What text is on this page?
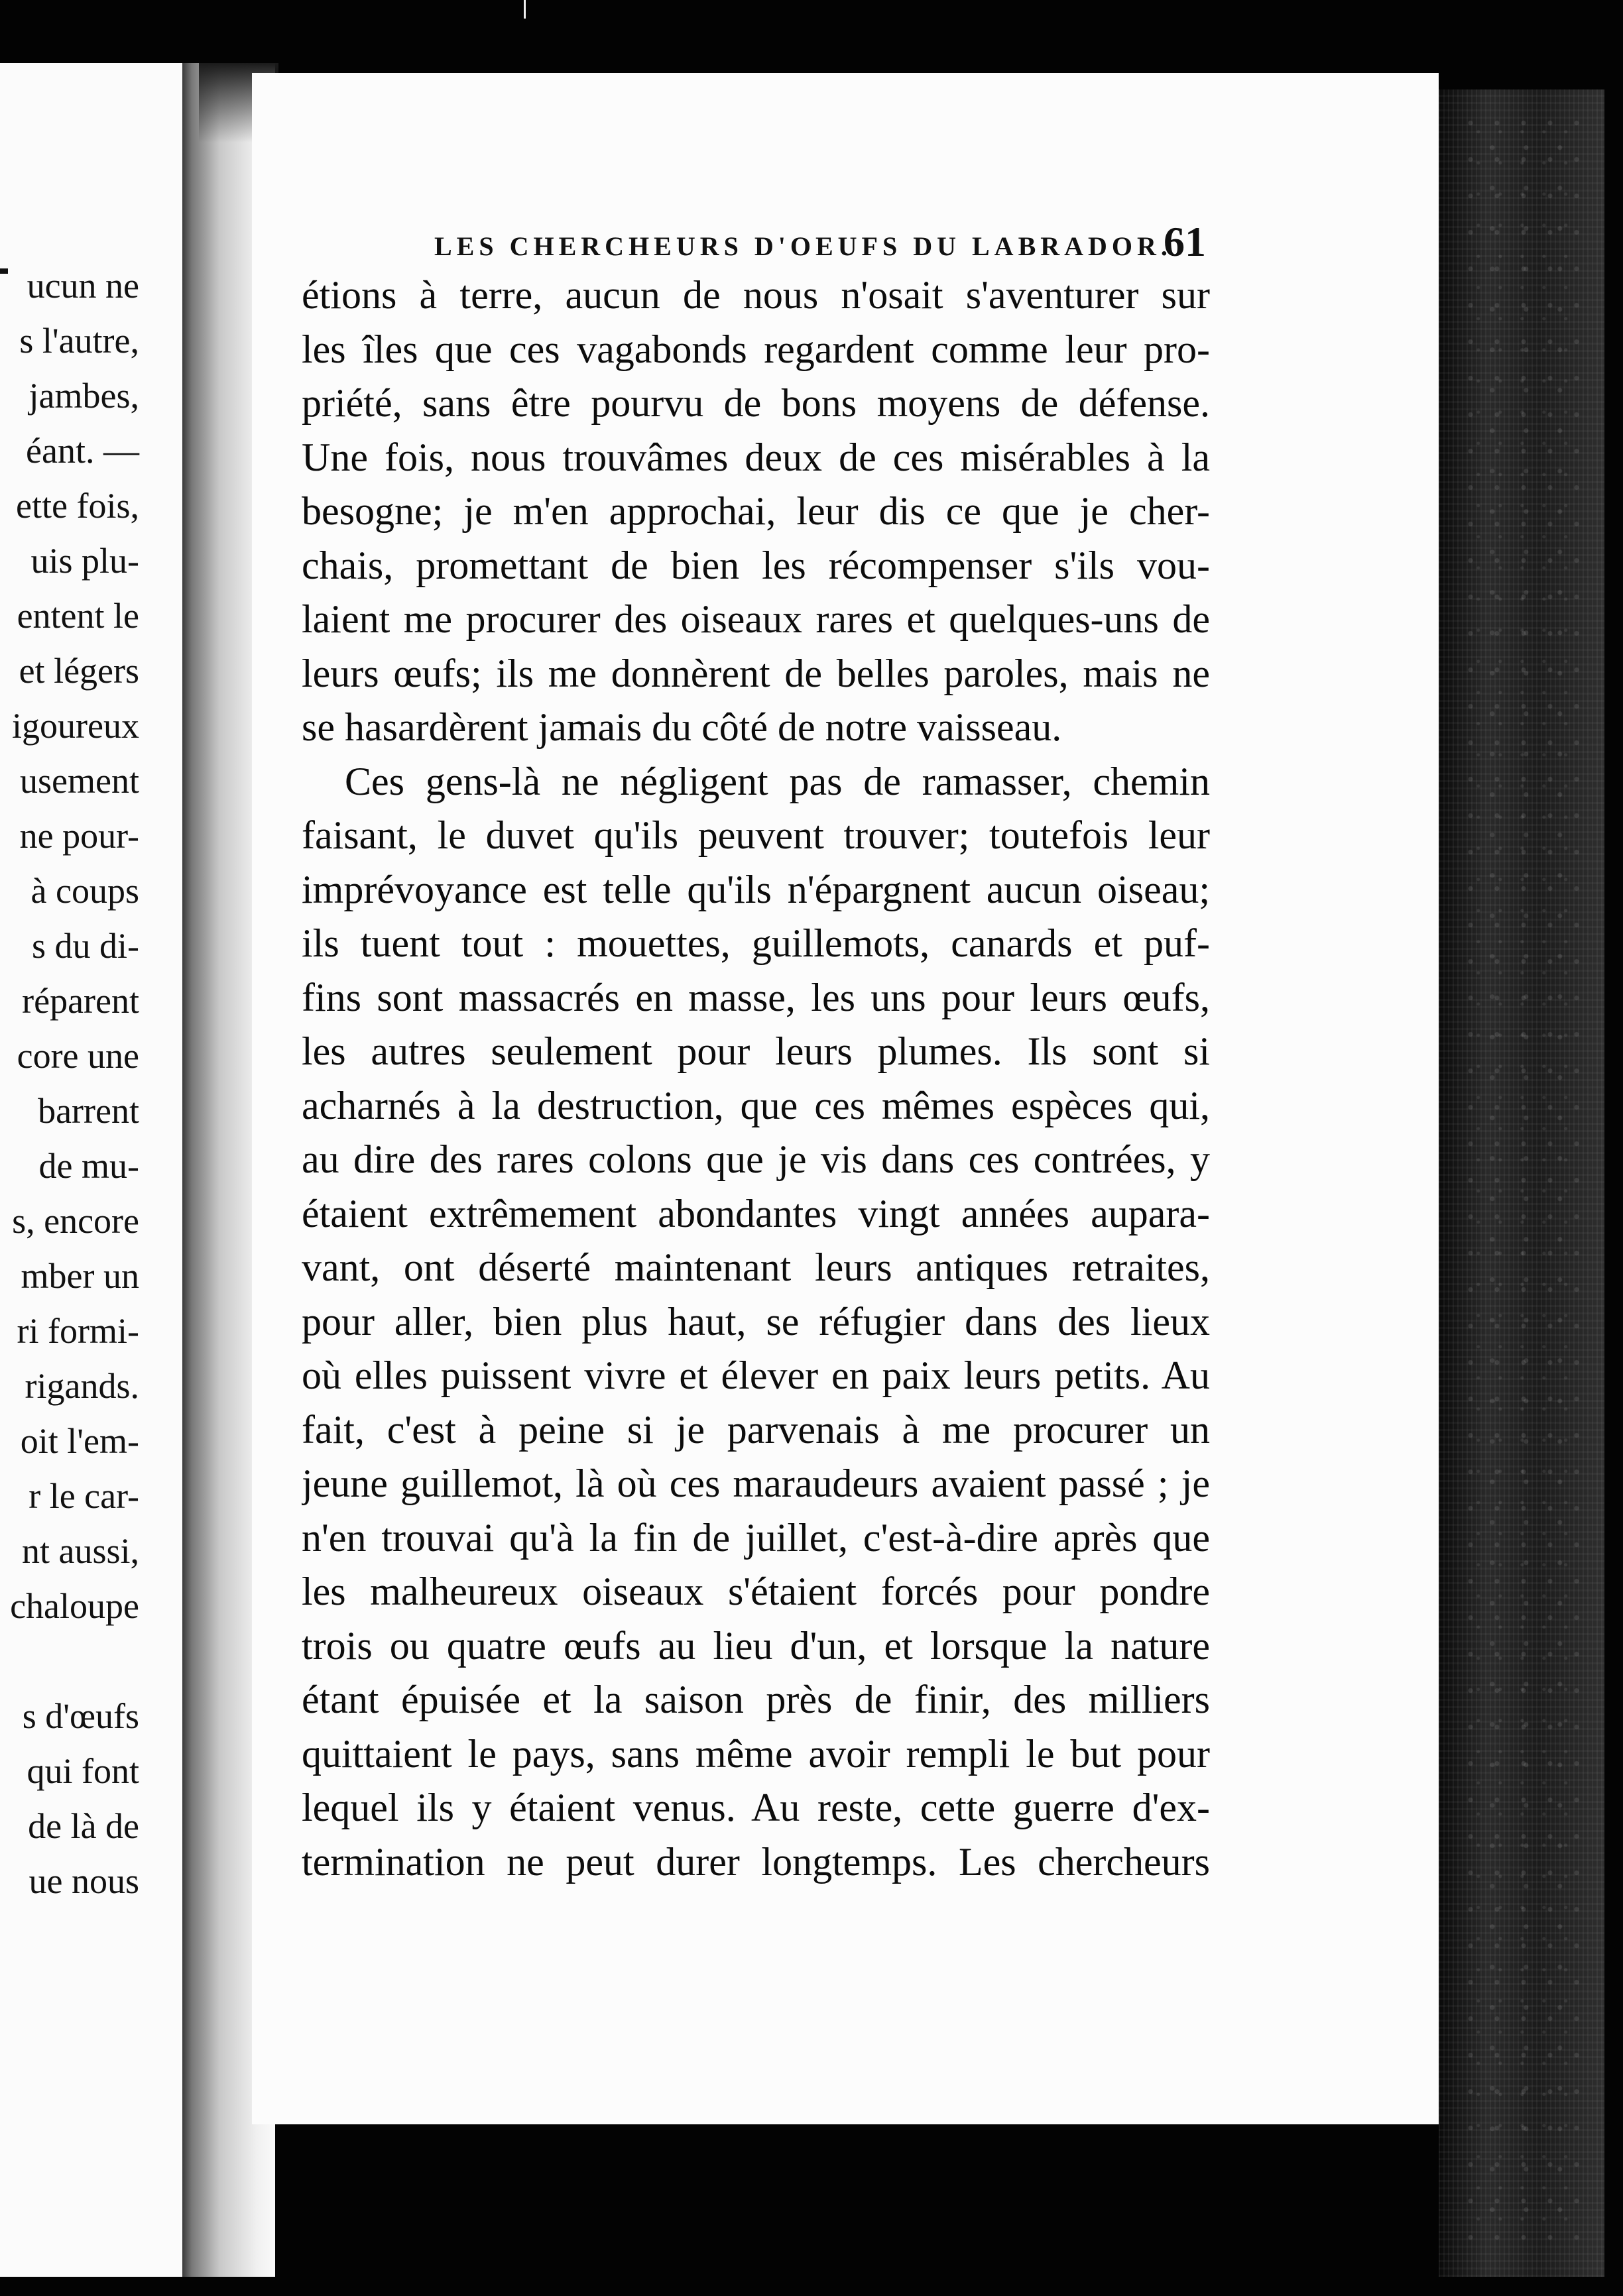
ucun ne
s l'autre,
jambes,
éant. —
ette fois,
uis plu-
entent le
et légers
igoureux
usement
ne pour-
à coups
s du di-
réparent
core une
barrent
de mu-
s, encore
mber un
ri formi-
rigands.
oit l'em-
r le car-
nt aussi,
chaloupe

s d'œufs
qui font
de là de
ue nous
LES CHERCHEURS D'OEUFS DU LABRADOR.
61
étions à terre, aucun de nous n'osait s'aventurer sur
les îles que ces vagabonds regardent comme leur pro-
priété, sans être pourvu de bons moyens de défense.
Une fois, nous trouvâmes deux de ces misérables à la
besogne; je m'en approchai, leur dis ce que je cher-
chais, promettant de bien les récompenser s'ils vou-
laient me procurer des oiseaux rares et quelques-uns de
leurs œufs; ils me donnèrent de belles paroles, mais ne
se hasardèrent jamais du côté de notre vaisseau.
Ces gens-là ne négligent pas de ramasser, chemin
faisant, le duvet qu'ils peuvent trouver; toutefois leur
imprévoyance est telle qu'ils n'épargnent aucun oiseau;
ils tuent tout : mouettes, guillemots, canards et puf-
fins sont massacrés en masse, les uns pour leurs œufs,
les autres seulement pour leurs plumes. Ils sont si
acharnés à la destruction, que ces mêmes espèces qui,
au dire des rares colons que je vis dans ces contrées, y
étaient extrêmement abondantes vingt années aupara-
vant, ont déserté maintenant leurs antiques retraites,
pour aller, bien plus haut, se réfugier dans des lieux
où elles puissent vivre et élever en paix leurs petits. Au
fait, c'est à peine si je parvenais à me procurer un
jeune guillemot, là où ces maraudeurs avaient passé ; je
n'en trouvai qu'à la fin de juillet, c'est-à-dire après que
les malheureux oiseaux s'étaient forcés pour pondre
trois ou quatre œufs au lieu d'un, et lorsque la nature
étant épuisée et la saison près de finir, des milliers
quittaient le pays, sans même avoir rempli le but pour
lequel ils y étaient venus. Au reste, cette guerre d'ex-
termination ne peut durer longtemps. Les chercheurs
